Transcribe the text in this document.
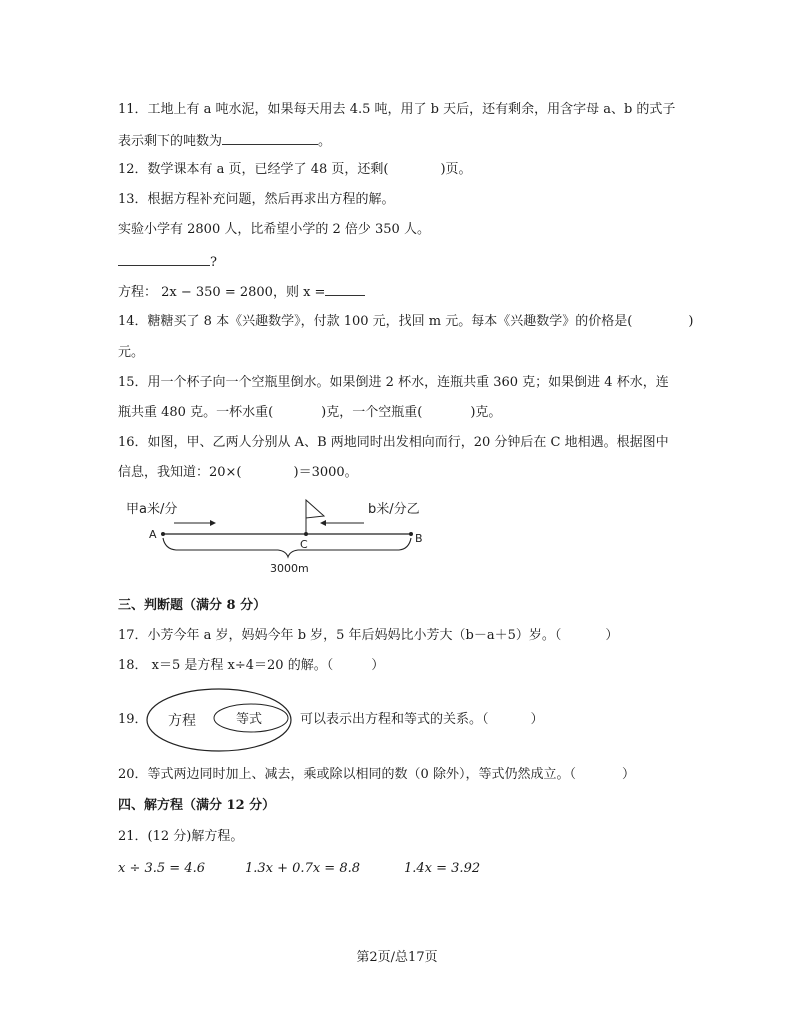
11．工地上有 a 吨水泥，如果每天用去 4.5 吨，用了 b 天后，还有剩余，用含字母 a、b 的式子
表示剩下的吨数为	。
12．数学课本有 a 页，已经学了 48 页，还剩(	)页。
13．根据方程补充问题，然后再求出方程的解。
实验小学有 2800 人，比希望小学的 2 倍少 350 人。
?
方程： 2x − 350 = 2800，则 x =
14．糖糖买了 8 本《兴趣数学》，付款 100 元，找回 m 元。每本《兴趣数学》的价格是(	)
元。
15．用一个杯子向一个空瓶里倒水。如果倒进 2 杯水，连瓶共重 360 克；如果倒进 4 杯水，连
瓶共重 480 克。一杯水重(	)克，一个空瓶重(	)克。
16．如图，甲、乙两人分别从 A、B 两地同时出发相向而行，20 分钟后在 C 地相遇。根据图中
信息，我知道：20×(	)＝3000。
甲a米/分	b米/分乙
A
C	B
3000m
三、判断题（满分 8 分）
17．小芳今年 a 岁，妈妈今年 b 岁，5 年后妈妈比小芳大（b－a＋5）岁。（	）
18． x＝5 是方程 x÷4＝20 的解。（	）
19． 方程	等式	可以表示出方程和等式的关系。（	）
20．等式两边同时加上、减去，乘或除以相同的数（0 除外），等式仍然成立。（	）
四、解方程（满分 12 分）
21．(12 分)解方程。
x ÷ 3.5 = 4.6	1.3x + 0.7x = 8.8	1.4x = 3.92
第2页/总17页
